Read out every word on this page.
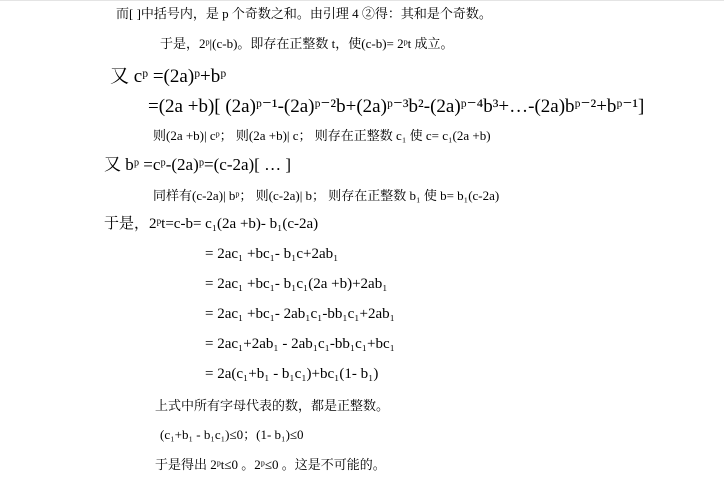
而[ ]中括号内，是 p 个奇数之和。由引理 4 ②得：其和是个奇数。
于是，2ᵖ|(c-b)。即存在正整数 t，使(c-b)= 2ᵖt 成立。
又 cᵖ =(2a)ᵖ+bᵖ
=(2a +b)[ (2a)ᵖ⁻¹-(2a)ᵖ⁻²b+(2a)ᵖ⁻³b²-(2a)ᵖ⁻⁴b³+…-(2a)bᵖ⁻²+bᵖ⁻¹]
则(2a +b)| cᵖ； 则(2a +b)| c； 则存在正整数 c₁ 使 c= c₁(2a +b)
又 bᵖ =cᵖ-(2a)ᵖ=(c-2a)[ … ]
同样有(c-2a)| bᵖ； 则(c-2a)| b； 则存在正整数 b₁ 使 b= b₁(c-2a)
于是，2ᵖt=c-b= c₁(2a +b)- b₁(c-2a)
= 2ac₁ +bc₁- b₁c+2ab₁
= 2ac₁ +bc₁- b₁c₁(2a +b)+2ab₁
= 2ac₁ +bc₁- 2ab₁c₁-bb₁c₁+2ab₁
= 2ac₁+2ab₁ - 2ab₁c₁-bb₁c₁+bc₁
= 2a(c₁+b₁ - b₁c₁)+bc₁(1- b₁)
上式中所有字母代表的数，都是正整数。
(c₁+b₁ - b₁c₁)≤0；(1- b₁)≤0
于是得出 2ᵖt≤0 。2ᵖ≤0 。这是不可能的。
